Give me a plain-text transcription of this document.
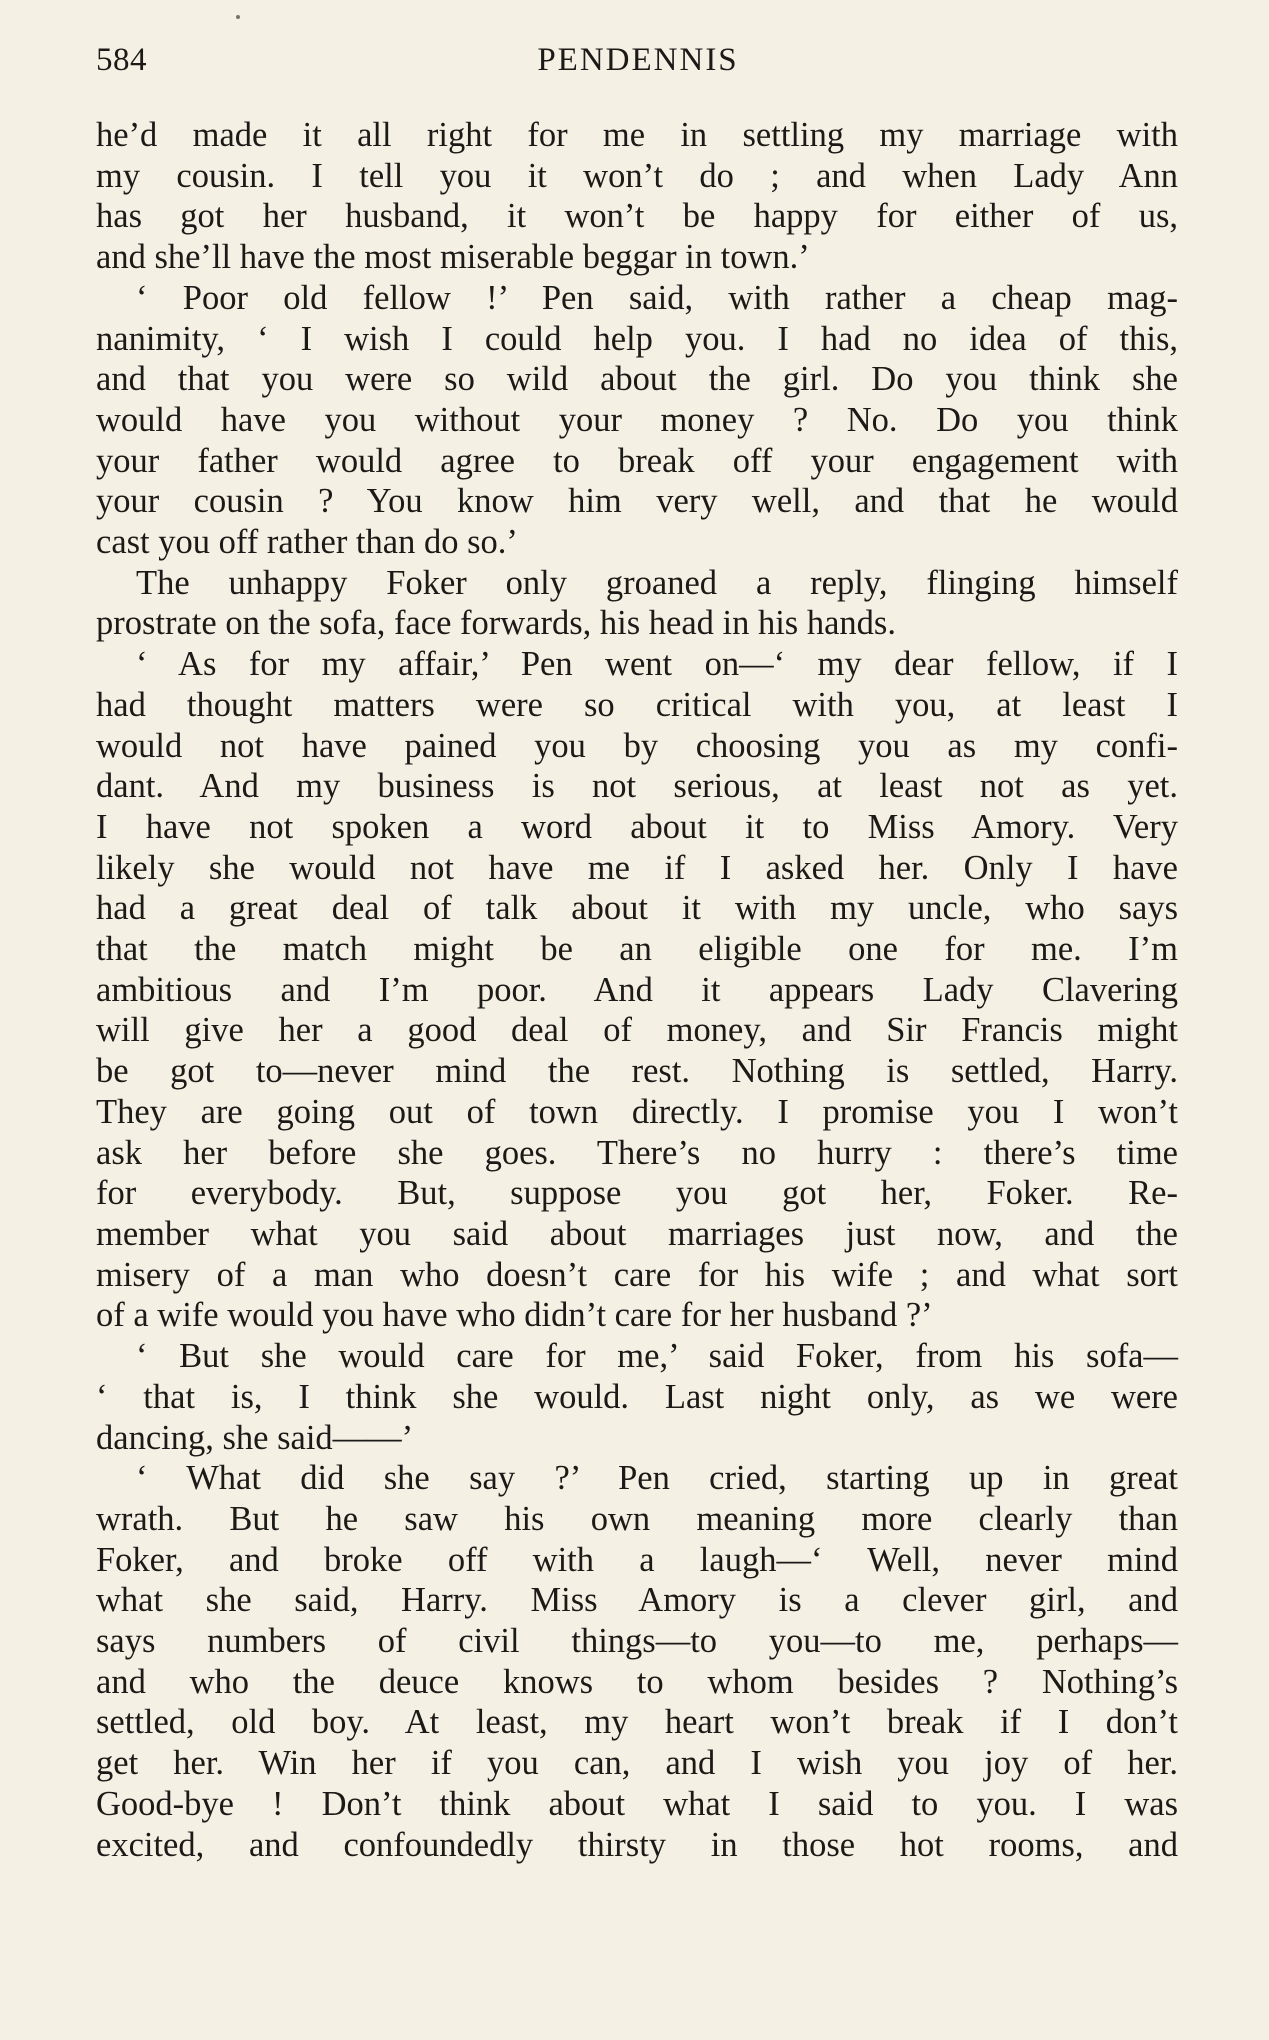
584	PENDENNIS

he’d made it all right for me in settling my marriage with

my cousin. I tell you it won’t do ; and when Lady Ann

has got her husband, it won’t be happy for either of us,

and she’ll have the most miserable beggar in town.’

‘ Poor old fellow !’ Pen said, with rather a cheap mag-

nanimity, ‘ I wish I could help you. I had no idea of this,

and that you were so wild about the girl. Do you think she

would have you without your money ? No. Do you think

your father would agree to break off your engagement with

your cousin ? You know him very well, and that he would

cast you off rather than do so.’

The unhappy Foker only groaned a reply, flinging himself

prostrate on the sofa, face forwards, his head in his hands.

‘ As for my affair,’ Pen went on—‘ my dear fellow, if I

had thought matters were so critical with you, at least I

would not have pained you by choosing you as my confi-

dant. And my business is not serious, at least not as yet.

I have not spoken a word about it to Miss Amory. Very

likely she would not have me if I asked her. Only I have

had a great deal of talk about it with my uncle, who says

that the match might be an eligible one for me. I’m

ambitious and I’m poor. And it appears Lady Clavering

will give her a good deal of money, and Sir Francis might

be got to—never mind the rest. Nothing is settled, Harry.

They are going out of town directly. I promise you I won’t

ask her before she goes. There’s no hurry : there’s time

for everybody. But, suppose you got her, Foker. Re-

member what you said about marriages just now, and the

misery of a man who doesn’t care for his wife ; and what sort

of a wife would you have who didn’t care for her husband ?’

‘ But she would care for me,’ said Foker, from his sofa—

‘ that is, I think she would. Last night only, as we were

dancing, she said——’

‘ What did she say ?’ Pen cried, starting up in great

wrath. But he saw his own meaning more clearly than

Foker, and broke off with a laugh—‘ Well, never mind

what she said, Harry. Miss Amory is a clever girl, and

says numbers of civil things—to you—to me, perhaps—

and who the deuce knows to whom besides ? Nothing’s

settled, old boy. At least, my heart won’t break if I don’t

get her. Win her if you can, and I wish you joy of her.

Good-bye ! Don’t think about what I said to you. I was

excited, and confoundedly thirsty in those hot rooms, and
